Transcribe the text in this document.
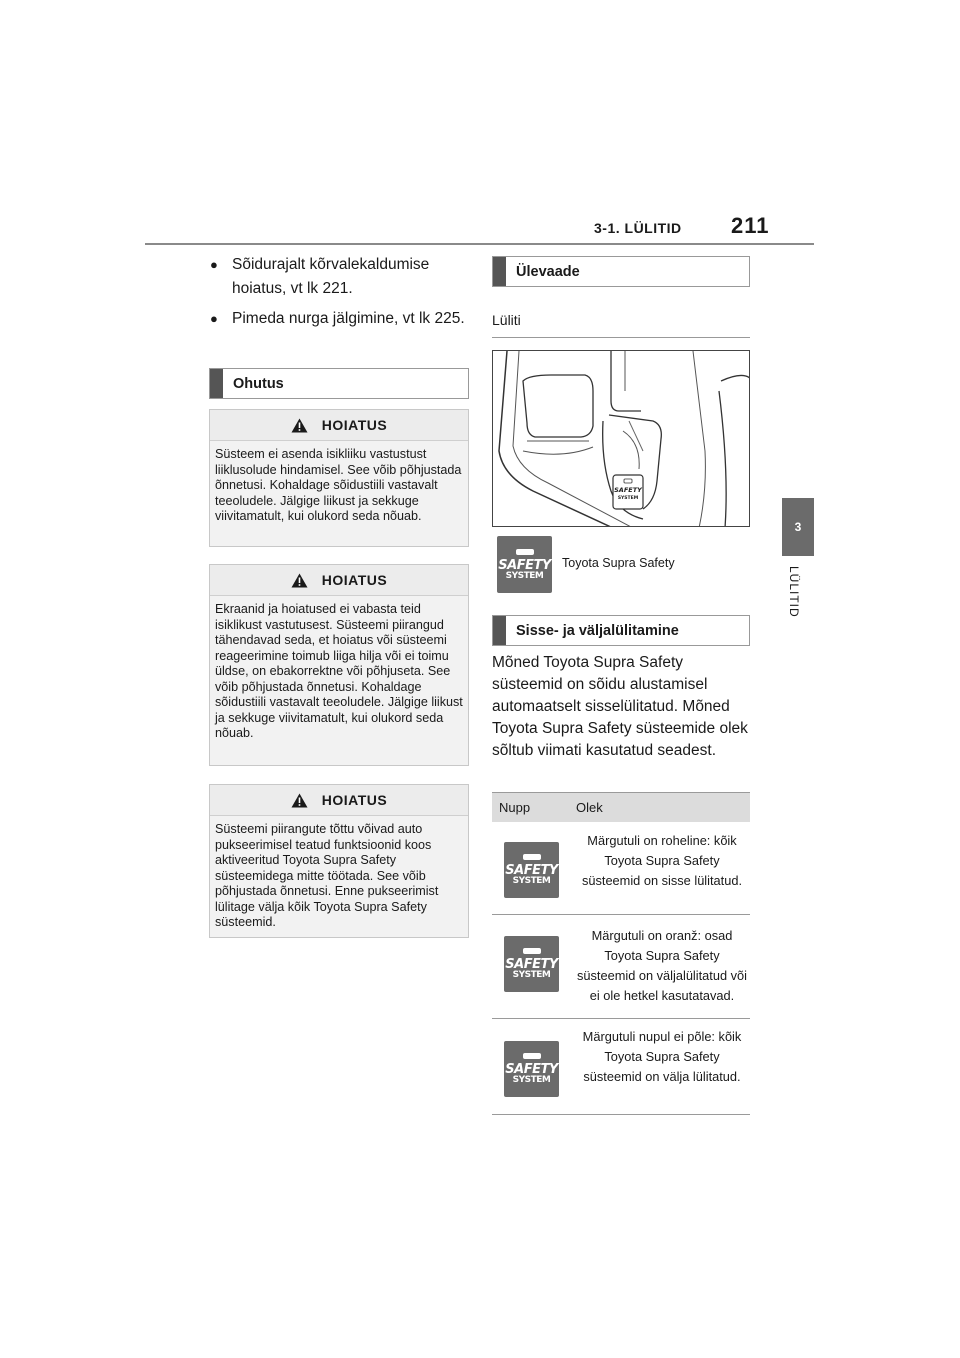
3-1. LÜLITID 211
3
LÜLITID
● Sõidurajalt kõrvalekaldumise hoiatus, vt lk 221.
● Pimeda nurga jälgimine, vt lk 225.
Ohutus
HOIATUS
Süsteem ei asenda isikliiku vastustust liiklusolude hindamisel. See võib põhjustada õnnetusi. Kohaldage sõidustiili vastavalt teeoludele. Jälgige liikust ja sekkuge viivitamatult, kui olukord seda nõuab.
HOIATUS
Ekraanid ja hoiatused ei vabasta teid isiklikust vastutusest. Süsteemi piirangud tähendavad seda, et hoiatus või süsteemi reageerimine toimub liiga hilja või ei toimu üldse, on ebakorrektne või põhjuseta. See võib põhjustada õnnetusi. Kohaldage sõidustiili vastavalt teeoludele. Jälgige liikust ja sekkuge viivitamatult, kui olukord seda nõuab.
HOIATUS
Süsteemi piirangute tõttu võivad auto pukseerimisel teatud funktsioonid koos aktiveeritud Toyota Supra Safety süsteemidega mitte töötada. See võib põhjustada õnnetusi. Enne pukseerimist lülitage välja kõik Toyota Supra Safety süsteemid.
Ülevaade
Lüliti
SAFETY
SYSTEM
SAFETY
SYSTEM
Toyota Supra Safety
Sisse- ja väljalülitamine
Mõned Toyota Supra Safety süsteemid on sõidu alustamisel automaatselt sisselülitatud. Mõned Toyota Supra Safety süsteemide olek sõltub viimati kasutatud seadest.
Nupp	Olek
SAFETY
SYSTEM
Märgutuli on roheline: kõik Toyota Supra Safety süsteemid on sisse lülitatud.
SAFETY
SYSTEM
Märgutuli on oranž: osad Toyota Supra Safety süsteemid on väljalülitatud või ei ole hetkel kasutatavad.
SAFETY
SYSTEM
Märgutuli nupul ei põle: kõik Toyota Supra Safety süsteemid on välja lülitatud.
